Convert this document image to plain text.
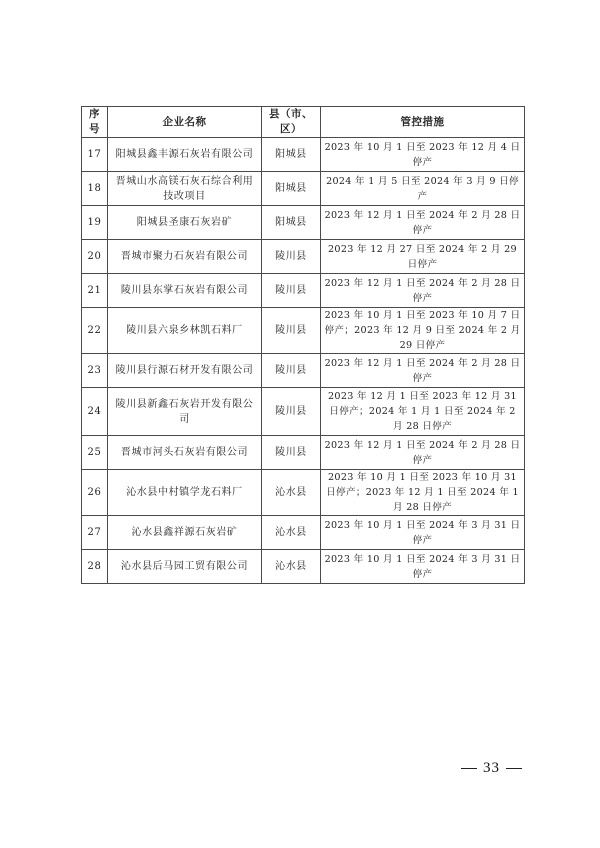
序号	企业名称	县（市、区）	管控措施
17	阳城县鑫丰源石灰岩有限公司	阳城县	2023 年 10 月 1 日至 2023 年 12 月 4 日停产
18	晋城山水高镁石灰石综合利用技改项目	阳城县	2024 年 1 月 5 日至 2024 年 3 月 9 日停产
19	阳城县圣康石灰岩矿	阳城县	2023 年 12 月 1 日至 2024 年 2 月 28 日停产
20	晋城市聚力石灰岩有限公司	陵川县	2023 年 12 月 27 日至 2024 年 2 月 29 日停产
21	陵川县东掌石灰岩有限公司	陵川县	2023 年 12 月 1 日至 2024 年 2 月 28 日停产
22	陵川县六泉乡林凯石料厂	陵川县	2023 年 10 月 1 日至 2023 年 10 月 7 日停产；2023 年 12 月 9 日至 2024 年 2 月 29 日停产
23	陵川县行源石材开发有限公司	陵川县	2023 年 12 月 1 日至 2024 年 2 月 28 日停产
24	陵川县新鑫石灰岩开发有限公司	陵川县	2023 年 12 月 1 日至 2023 年 12 月 31 日停产；2024 年 1 月 1 日至 2024 年 2 月 28 日停产
25	晋城市河头石灰岩有限公司	陵川县	2023 年 12 月 1 日至 2024 年 2 月 28 日停产
26	沁水县中村镇学龙石料厂	沁水县	2023 年 10 月 1 日至 2023 年 10 月 31 日停产；2023 年 12 月 1 日至 2024 年 1 月 28 日停产
27	沁水县鑫祥源石灰岩矿	沁水县	2023 年 10 月 1 日至 2024 年 3 月 31 日停产
28	沁水县后马园工贸有限公司	沁水县	2023 年 10 月 1 日至 2024 年 3 月 31 日停产
33
